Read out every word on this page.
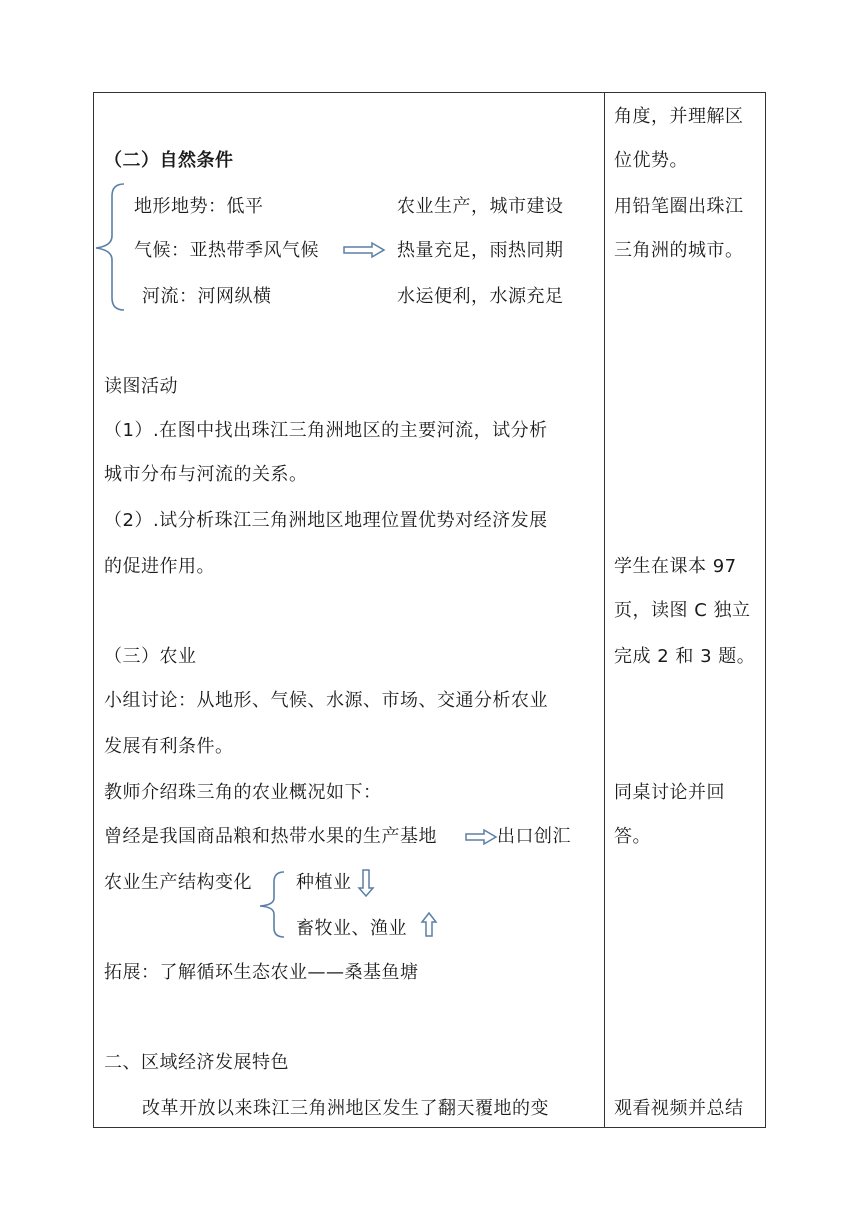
（二）自然条件
地形地势：低平
气候：亚热带季风气候
河流：河网纵横
农业生产，城市建设
热量充足，雨热同期
水运便利，水源充足
读图活动
（1）.在图中找出珠江三角洲地区的主要河流，试分析
城市分布与河流的关系。
（2）.试分析珠江三角洲地区地理位置优势对经济发展
的促进作用。
（三）农业
小组讨论：从地形、气候、水源、市场、交通分析农业
发展有利条件。
教师介绍珠三角的农业概况如下：
曾经是我国商品粮和热带水果的生产基地	出口创汇
农业生产结构变化 种植业
畜牧业、渔业
拓展：了解循环生态农业——桑基鱼塘
二、区域经济发展特色
改革开放以来珠江三角洲地区发生了翻天覆地的变
角度，并理解区
位优势。
用铅笔圈出珠江
三角洲的城市。
学生在课本 97
页，读图 C 独立
完成 2 和 3 题。
同桌讨论并回
答。
观看视频并总结
